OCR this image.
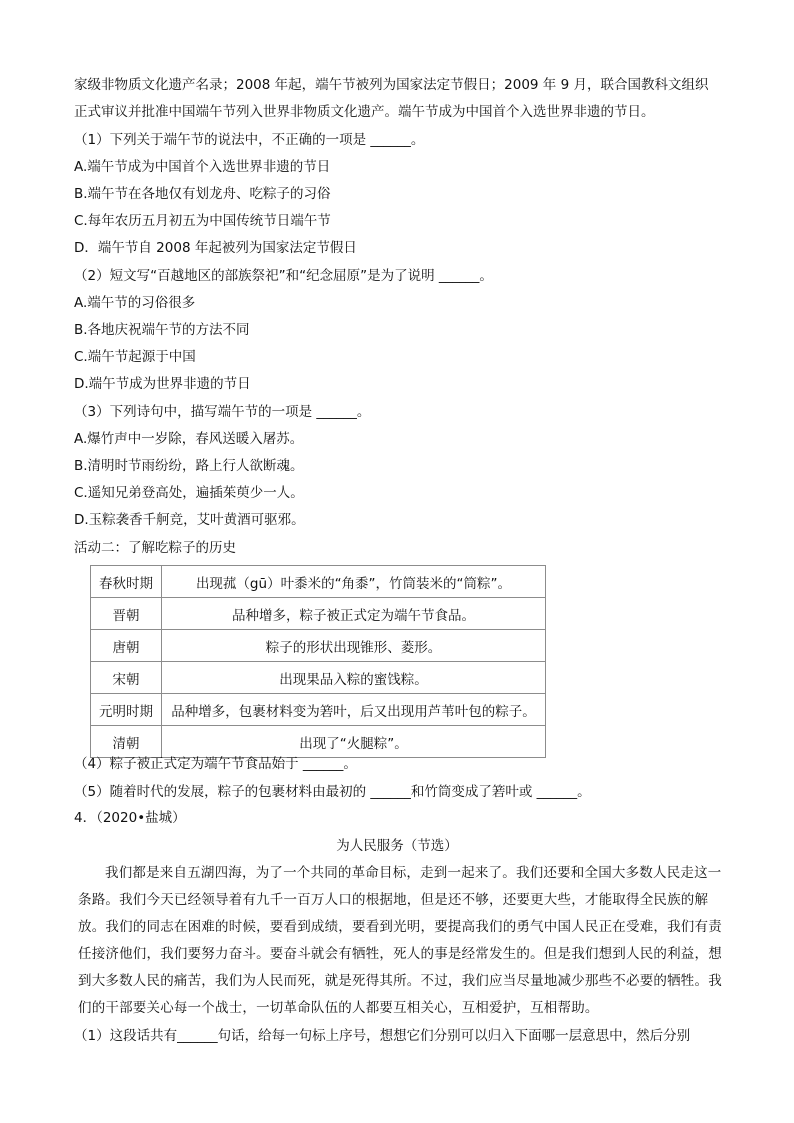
家级非物质文化遗产名录；2008 年起，端午节被列为国家法定节假日；2009 年 9 月，联合国教科文组织
正式审议并批准中国端午节列入世界非物质文化遗产。端午节成为中国首个入选世界非遗的节日。
（1）下列关于端午节的说法中，不正确的一项是 ______。
A.端午节成为中国首个入选世界非遗的节日
B.端午节在各地仅有划龙舟、吃粽子的习俗
C.每年农历五月初五为中国传统节日端午节
D．端午节自 2008 年起被列为国家法定节假日
（2）短文写“百越地区的部族祭祀”和“纪念屈原”是为了说明 ______。
A.端午节的习俗很多
B.各地庆祝端午节的方法不同
C.端午节起源于中国
D.端午节成为世界非遗的节日
（3）下列诗句中，描写端午节的一项是 ______。
A.爆竹声中一岁除，春风送暖入屠苏。
B.清明时节雨纷纷，路上行人欲断魂。
C.遥知兄弟登高处，遍插茱萸少一人。
D.玉粽袭香千舸竞，艾叶黄酒可驱邪。
活动二：了解吃粽子的历史
春秋时期	出现菰（gū）叶黍米的“角黍”，竹筒装米的“筒粽”。
晋朝	品种增多，粽子被正式定为端午节食品。
唐朝	粽子的形状出现锥形、菱形。
宋朝	出现果品入粽的蜜饯粽。
元明时期	品种增多，包裹材料变为箬叶，后又出现用芦苇叶包的粽子。
清朝	出现了“火腿粽”。
（4）粽子被正式定为端午节食品始于 ______。
（5）随着时代的发展，粽子的包裹材料由最初的 ______和竹筒变成了箬叶或 ______。
4．（2020•盐城）
为人民服务（节选）

我们都是来自五湖四海，为了一个共同的革命目标，走到一起来了。我们还要和全国大多数人民走这一条路。我们今天已经领导着有九千一百万人口的根据地，但是还不够，还要更大些，才能取得全民族的解放。我们的同志在困难的时候，要看到成绩，要看到光明，要提高我们的勇气中国人民正在受难，我们有责任接济他们，我们要努力奋斗。要奋斗就会有牺牲，死人的事是经常发生的。但是我们想到人民的利益，想到大多数人民的痛苦，我们为人民而死，就是死得其所。不过，我们应当尽量地减少那些不必要的牺牲。我们的干部要关心每一个战士，一切革命队伍的人都要互相关心，互相爱护，互相帮助。

（1）这段话共有______句话，给每一句标上序号，想想它们分别可以归入下面哪一层意思中，然后分别
